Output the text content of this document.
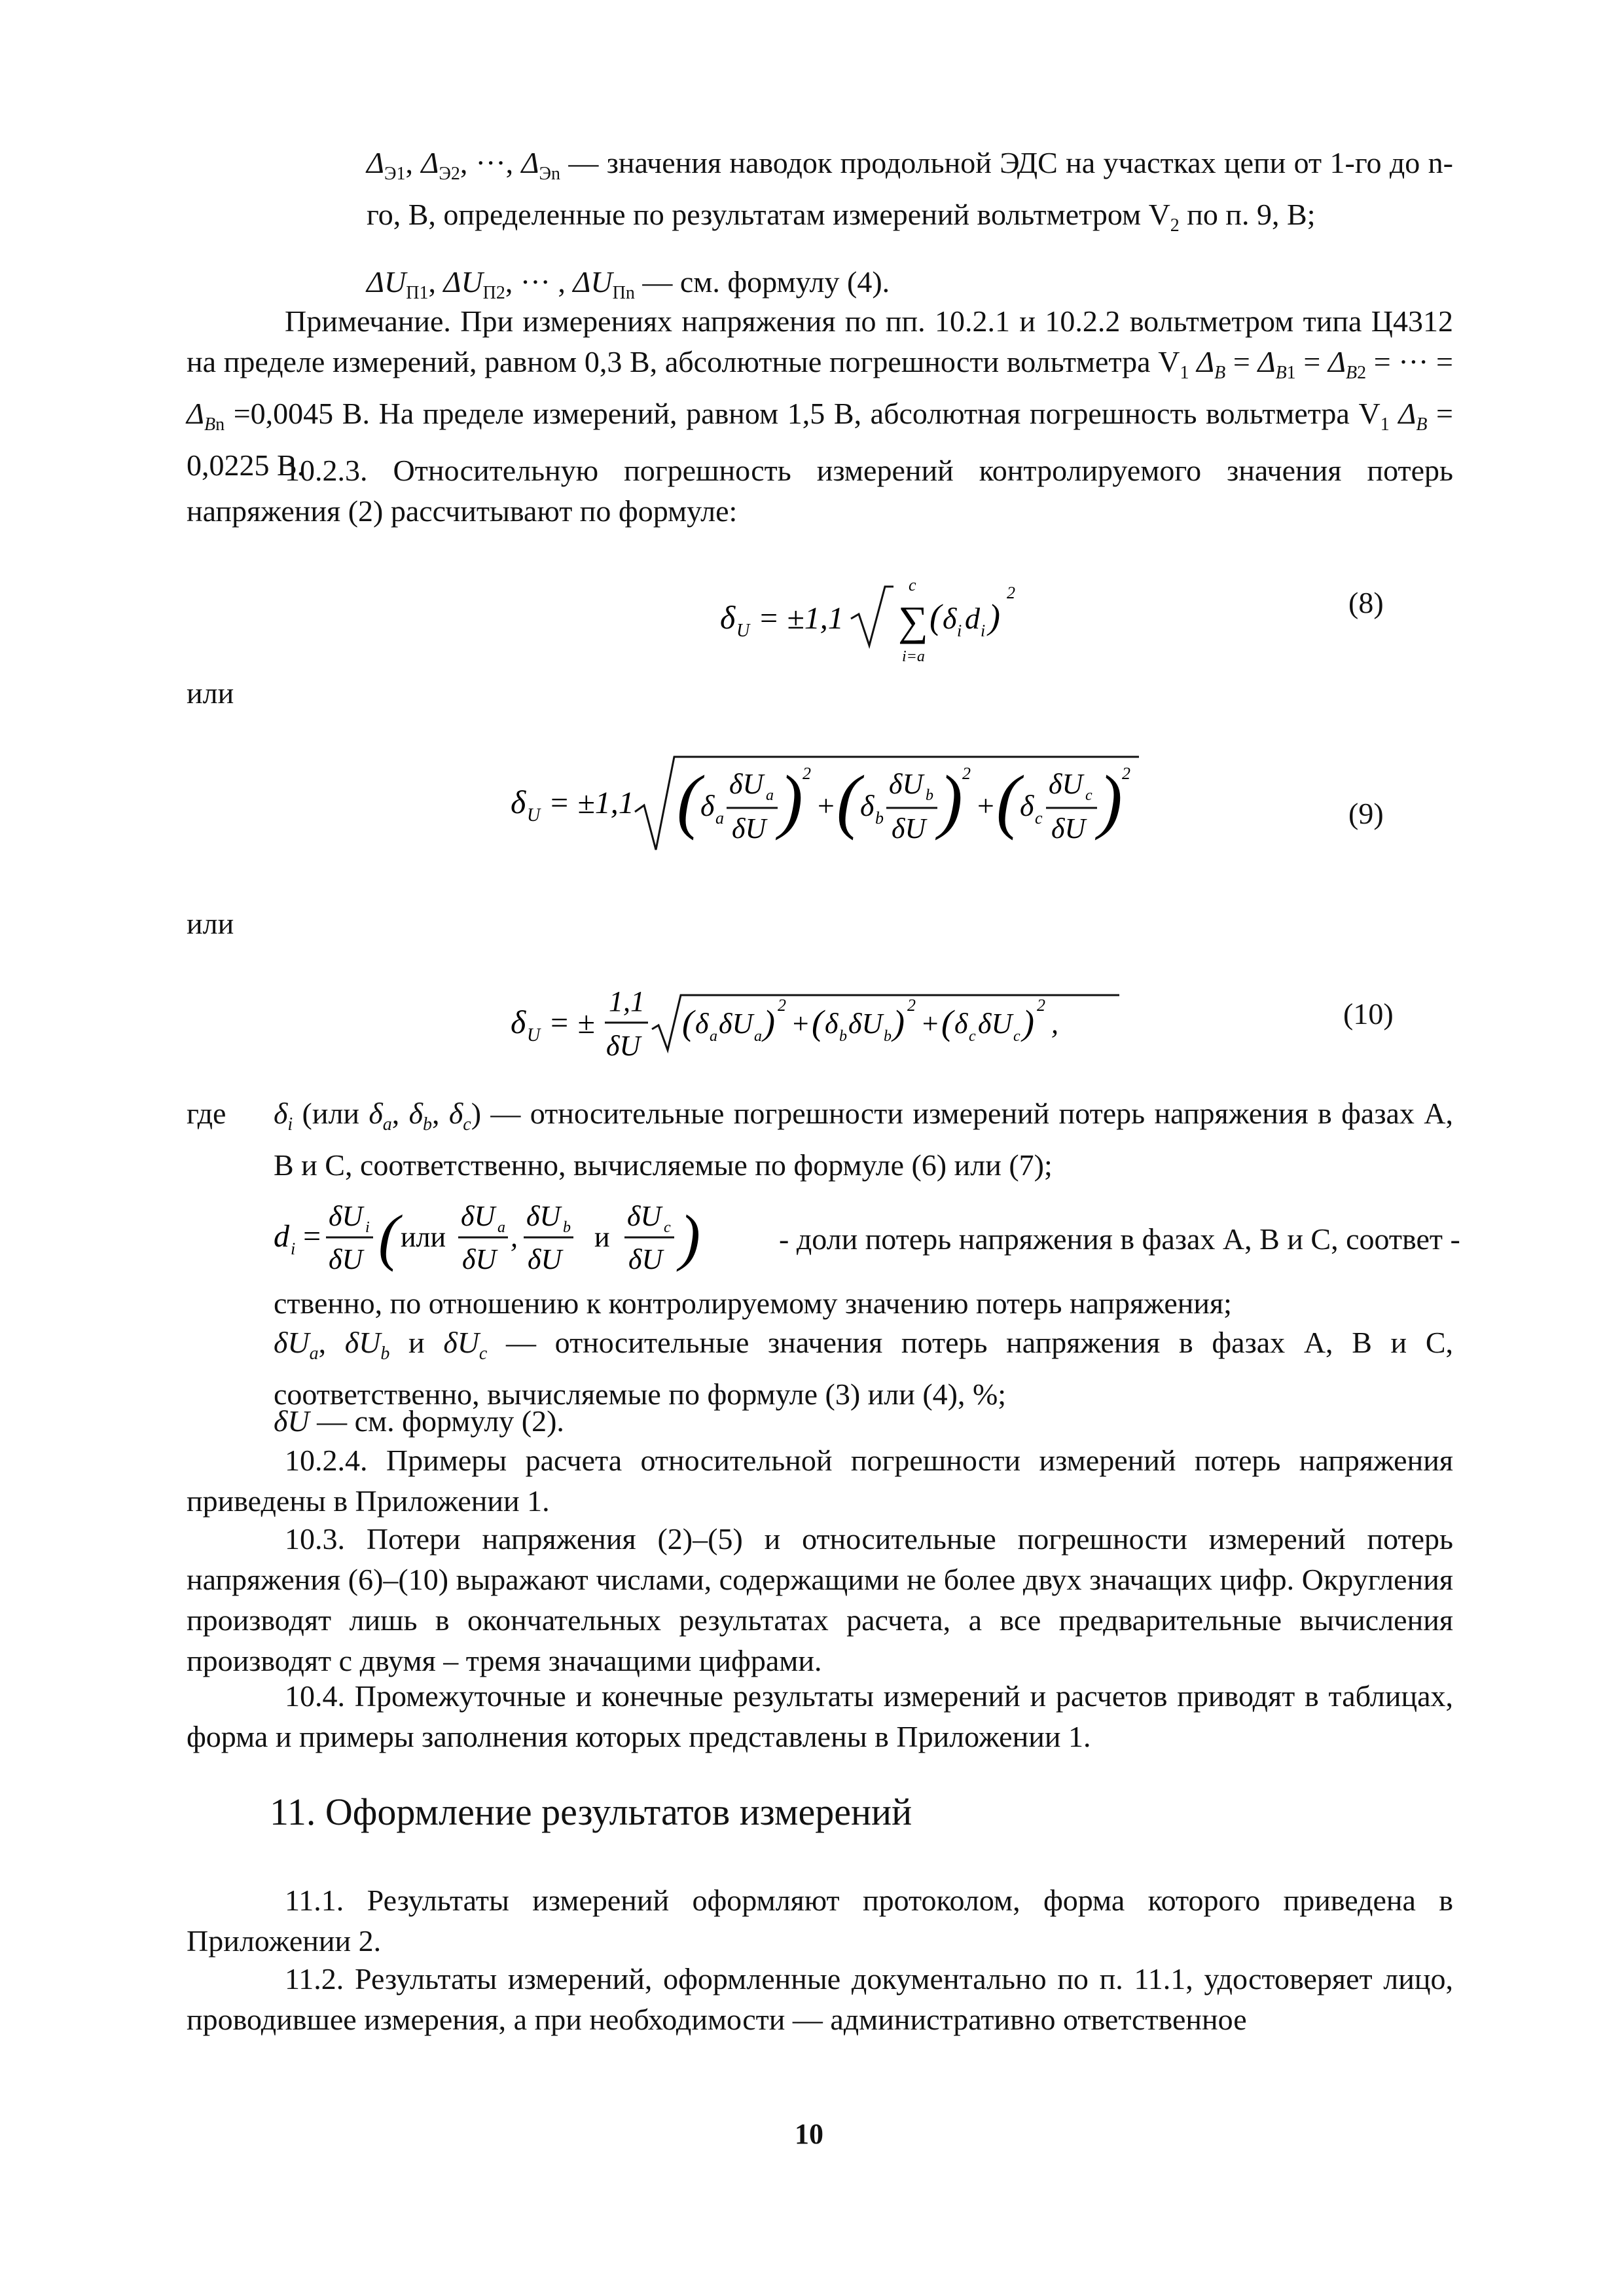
$\Delta_{Э1}$, $\Delta_{Э2}$, ···, $\Delta_{Эn}$ — значения наводок продольной ЭДС на участках цепи от 1-го до n-го, В, определенные по результатам измерений вольтметром $V_2$ по п. 9, В;
$\Delta U_{П1}$, $\Delta U_{П2}$, ··· , $\Delta U_{Пn}$ — см. формулу (4).
Примечание. При измерениях напряжения по пп. 10.2.1 и 10.2.2 вольтметром типа Ц4312 на пределе измерений, равном 0,3 В, абсолютные погрешности вольтметра $V_1$ $\Delta_B = \Delta_{B1} = \Delta_{B2}$ = ··· = $\Delta_{Bn} =0,0045$ В. На пределе измерений, равном 1,5 В, абсолютная погрешность вольтметра $V_1$ $\Delta_B = 0,0225$ В.
10.2.3. Относительную погрешность измерений контролируемого значения потерь напряжения (2) рассчитывают по формуле:
δ U = ±1,1 ∑
c
i=a
( δ i d i )
2	(8)
или
δ U = ±1,1 ( δ a
δU a
δU ) 2
+ ( δ b
δU b
δU ) 2
+ ( δ c
δU c
δU ) 2
(9)
или
δ U = ±
1,1
δU
( δ a δU a ) 2
+ ( δ b δU b ) 2
+ ( δ c δU c ) 2
,	(10)
где $\delta_i$ (или $\delta_a$, $\delta_b$, $\delta_c$) — относительные погрешности измерений потерь напряжения в фазах А, В и С, соответственно, вычисляемые по формуле (6) или (7);
d i =
δU i
δU ( или
δU a
δU
,
δU b
δU
и
δU c
δU )	- доли потерь напряжения в фазах А, В и С, соответ -
ственно, по отношению к контролируемому значению потерь напряжения;
$\delta U_a$, $\delta U_b$ и $\delta U_c$ — относительные значения потерь напряжения в фазах А, В и С, соответственно, вычисляемые по формуле (3) или (4), %;
δU — см. формулу (2).
10.2.4. Примеры расчета относительной погрешности измерений потерь напряжения приведены в Приложении 1.
10.3. Потери напряжения (2)–(5) и относительные погрешности измерений потерь напряжения (6)–(10) выражают числами, содержащими не более двух значащих цифр. Округления производят лишь в окончательных результатах расчета, а все предварительные вычисления производят с двумя – тремя значащими цифрами.
10.4. Промежуточные и конечные результаты измерений и расчетов приводят в таблицах, форма и примеры заполнения которых представлены в Приложении 1.
11. Оформление результатов измерений
11.1. Результаты измерений оформляют протоколом, форма которого приведена в Приложении 2.
11.2. Результаты измерений, оформленные документально по п. 11.1, удостоверяет лицо, проводившее измерения, а при необходимости — административно ответственное
10
